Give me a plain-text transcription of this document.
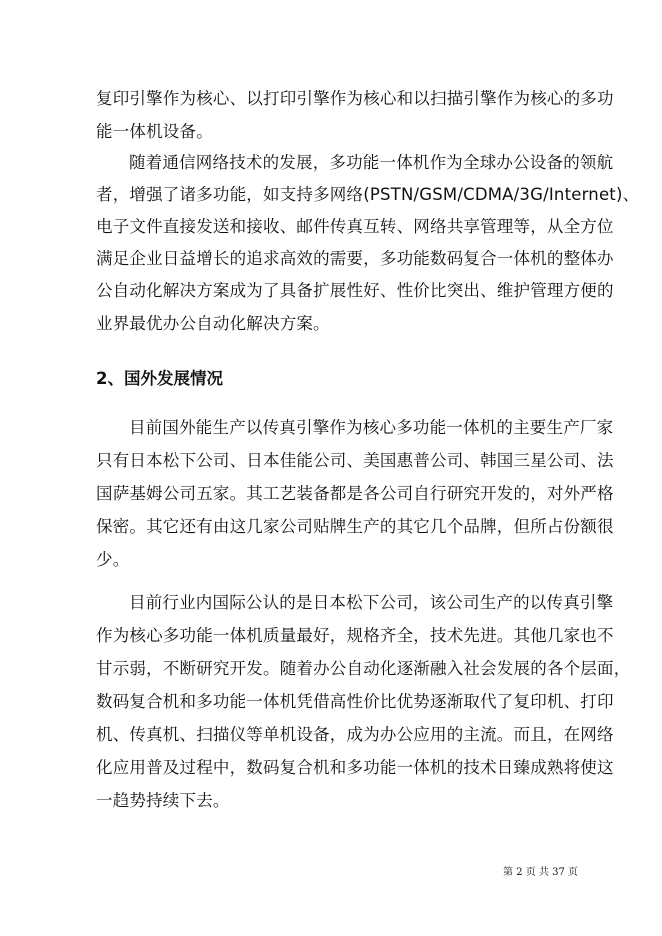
复印引擎作为核心、以打印引擎作为核心和以扫描引擎作为核心的多功
能一体机设备。
随着通信网络技术的发展，多功能一体机作为全球办公设备的领航
者，增强了诸多功能，如支持多网络(PSTN/GSM/CDMA/3G/Internet)、
电子文件直接发送和接收、邮件传真互转、网络共享管理等，从全方位
满足企业日益增长的追求高效的需要，多功能数码复合一体机的整体办
公自动化解决方案成为了具备扩展性好、性价比突出、维护管理方便的
业界最优办公自动化解决方案。
2、国外发展情况
目前国外能生产以传真引擎作为核心多功能一体机的主要生产厂家
只有日本松下公司、日本佳能公司、美国惠普公司、韩国三星公司、法
国萨基姆公司五家。其工艺装备都是各公司自行研究开发的，对外严格
保密。其它还有由这几家公司贴牌生产的其它几个品牌，但所占份额很
少。
目前行业内国际公认的是日本松下公司，该公司生产的以传真引擎
作为核心多功能一体机质量最好，规格齐全，技术先进。其他几家也不
甘示弱，不断研究开发。随着办公自动化逐渐融入社会发展的各个层面，
数码复合机和多功能一体机凭借高性价比优势逐渐取代了复印机、打印
机、传真机、扫描仪等单机设备，成为办公应用的主流。而且，在网络
化应用普及过程中，数码复合机和多功能一体机的技术日臻成熟将使这
一趋势持续下去。
第 2 页 共 37 页
